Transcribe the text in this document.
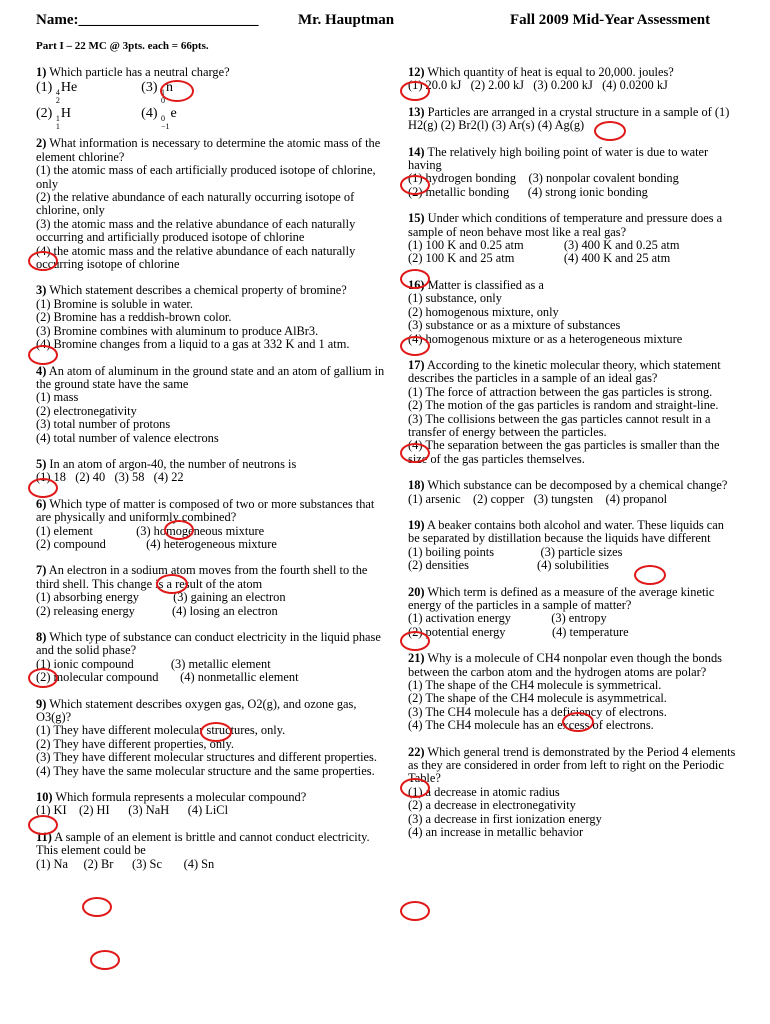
Name:________________________	Mr. Hauptman	Fall 2009 Mid-Year Assessment
Part I – 22 MC @ 3pts. each = 66pts.

1) Which particle has a neutral charge?

(1) 4
2
He	(3) 1
0
n
(2) 1
1
H	(4) 0
−1
e

2) What information is necessary to determine the atomic mass of the element chlorine?

(1) the atomic mass of each artificially produced isotope of chlorine, only
(2) the relative abundance of each naturally occurring isotope of chlorine, only
(3) the atomic mass and the relative abundance of each naturally occurring and artificially produced isotope of chlorine
(4) the atomic mass and the relative abundance of each naturally occurring isotope of chlorine

3) Which statement describes a chemical property of bromine?

(1) Bromine is soluble in water.
(2) Bromine has a reddish-brown color.
(3) Bromine combines with aluminum to produce AlBr3.
(4) Bromine changes from a liquid to a gas at 332 K and 1 atm.

4) An atom of aluminum in the ground state and an atom of gallium in the ground state have the same

(1) mass
(2) electronegativity
(3) total number of protons
(4) total number of valence electrons

5) In an atom of argon-40, the number of neutrons is

(1) 18   (2) 40   (3) 58   (4) 22

6) Which type of matter is composed of two or more substances that are physically and uniformly combined?

(1) element              (3) homogeneous mixture
(2) compound             (4) heterogeneous mixture

7) An electron in a sodium atom moves from the fourth shell to the third shell. This change is a result of the atom

(1) absorbing energy           (3) gaining an electron
(2) releasing energy            (4) losing an electron

8) Which type of substance can conduct electricity in the liquid phase and the solid phase?

(1) ionic compound            (3) metallic element
(2) molecular compound       (4) nonmetallic element

9) Which statement describes oxygen gas, O2(g), and ozone gas, O3(g)?

(1) They have different molecular structures, only.
(2) They have different properties, only.
(3) They have different molecular structures and different properties.
(4) They have the same molecular structure and the same properties.

10) Which formula represents a molecular compound?

(1) KI    (2) HI      (3) NaH      (4) LiCl

11) A sample of an element is brittle and cannot conduct electricity. This element could be

(1) Na     (2) Br      (3) Sc       (4) Sn

12) Which quantity of heat is equal to 20,000. joules?

(1) 20.0 kJ   (2) 2.00 kJ   (3) 0.200 kJ   (4) 0.0200 kJ

13) Particles are arranged in a crystal structure in a sample of (1) H2(g) (2) Br2(l) (3) Ar(s) (4) Ag(g)

14) The relatively high boiling point of water is due to water having

(1) hydrogen bonding    (3) nonpolar covalent bonding
(2) metallic bonding      (4) strong ionic bonding

15) Under which conditions of temperature and pressure does a sample of neon behave most like a real gas?

(1) 100 K and 0.25 atm             (3) 400 K and 0.25 atm
(2) 100 K and 25 atm                (4) 400 K and 25 atm

16) Matter is classified as a

(1) substance, only
(2) homogenous mixture, only
(3) substance or as a mixture of substances
(4) homogenous mixture or as a heterogeneous mixture

17) According to the kinetic molecular theory, which statement describes the particles in a sample of an ideal gas?

(1) The force of attraction between the gas particles is strong.
(2) The motion of the gas particles is random and straight-line.
(3) The collisions between the gas particles cannot result in a transfer of energy between the particles.
(4) The separation between the gas particles is smaller than the size of the gas particles themselves.

18) Which substance can be decomposed by a chemical change?

(1) arsenic    (2) copper   (3) tungsten    (4) propanol

19) A beaker contains both alcohol and water. These liquids can be separated by distillation because the liquids have different

(1) boiling points               (3) particle sizes
(2) densities                      (4) solubilities

20) Which term is defined as a measure of the average kinetic energy of the particles in a sample of matter?

(1) activation energy             (3) entropy
(2) potential energy               (4) temperature

21) Why is a molecule of CH4 nonpolar even though the bonds between the carbon atom and the hydrogen atoms are polar?

(1) The shape of the CH4 molecule is symmetrical.
(2) The shape of the CH4 molecule is asymmetrical.
(3) The CH4 molecule has a deficiency of electrons.
(4) The CH4 molecule has an excess of electrons.

22) Which general trend is demonstrated by the Period 4 elements as they are considered in order from left to right on the Periodic Table?

(1) a decrease in atomic radius
(2) a decrease in electronegativity
(3) a decrease in first ionization energy
(4) an increase in metallic behavior
